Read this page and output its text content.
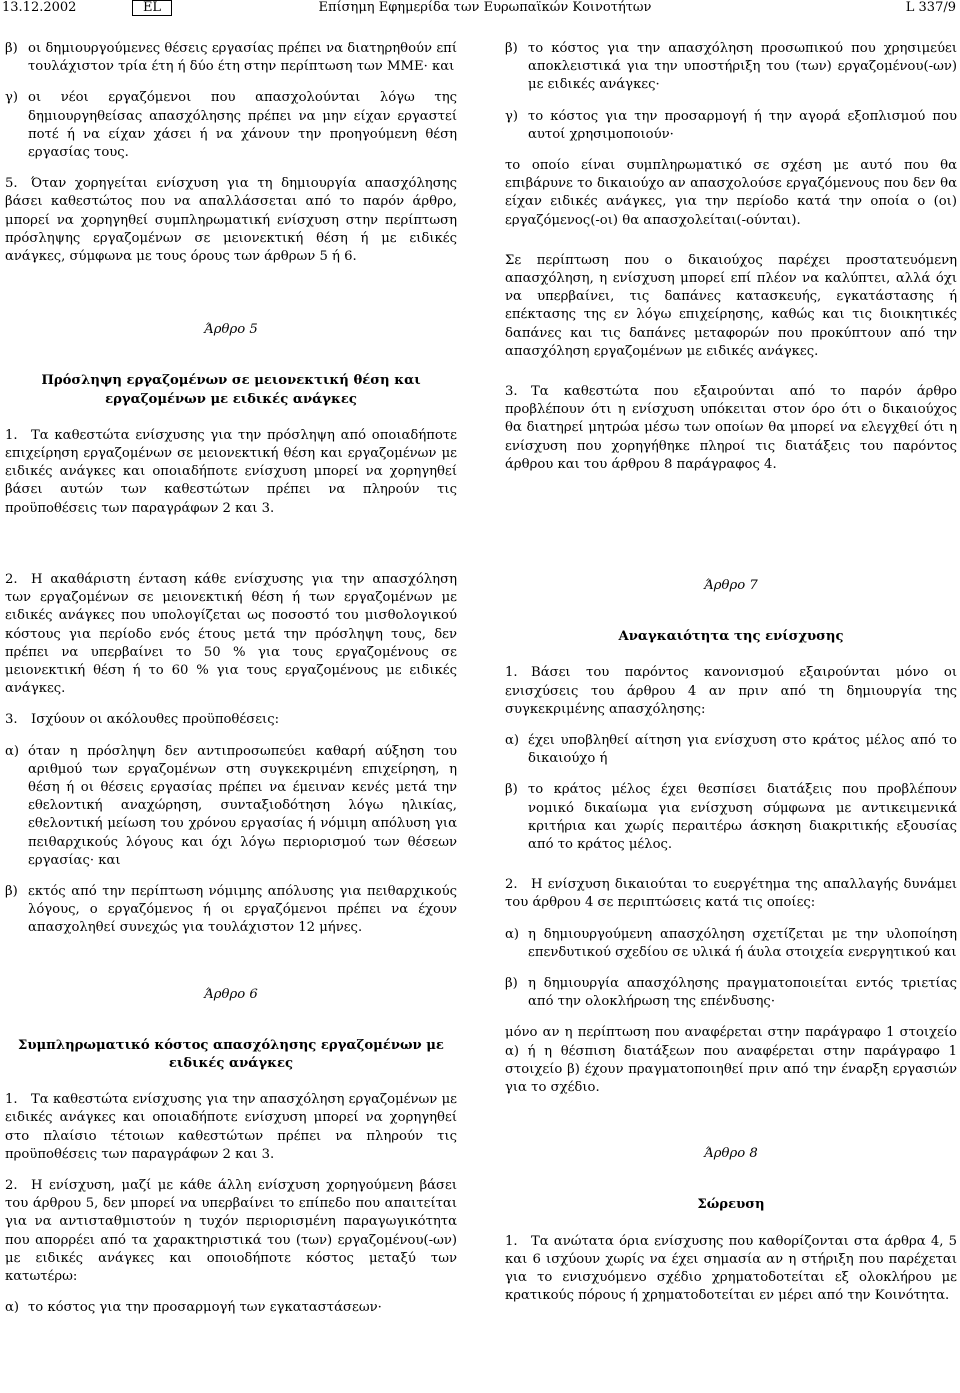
13.12.2002	EL	Επίσημη Εφημερίδα των Ευρωπαϊκών Κοινοτήτων	L 337/9
β) οι δημιουργούμενες θέσεις εργασίας πρέπει να διατηρηθούν επί τουλάχιστον τρία έτη ή δύο έτη στην περίπτωση των ΜΜΕ· και
γ) οι νέοι εργαζόμενοι που απασχολούνται λόγω της δημιουργηθείσας απασχόλησης πρέπει να μην είχαν εργαστεί ποτέ ή να είχαν χάσει ή να χάνουν την προηγούμενη θέση εργασίας τους.

5. Όταν χορηγείται ενίσχυση για τη δημιουργία απασχόλησης βάσει καθεστώτος που να απαλλάσσεται από το παρόν άρθρο, μπορεί να χορηγηθεί συμπληρωματική ενίσχυση στην περίπτωση πρόσληψης εργαζομένων σε μειονεκτική θέση ή με ειδικές ανάγκες, σύμφωνα με τους όρους των άρθρων 5 ή 6.

Άρθρο 5
Πρόσληψη εργαζομένων σε μειονεκτική θέση και εργαζομένων με ειδικές ανάγκες

1. Τα καθεστώτα ενίσχυσης για την πρόσληψη από οποιαδήποτε επιχείρηση εργαζομένων σε μειονεκτική θέση και εργαζομένων με ειδικές ανάγκες και οποιαδήποτε ενίσχυση μπορεί να χορηγηθεί βάσει αυτών των καθεστώτων πρέπει να πληρούν τις προϋποθέσεις των παραγράφων 2 και 3.

β) το κόστος για την απασχόληση προσωπικού που χρησιμεύει αποκλειστικά για την υποστήριξη του (των) εργαζομένου(-ων) με ειδικές ανάγκες·
γ) το κόστος για την προσαρμογή ή την αγορά εξοπλισμού που αυτοί χρησιμοποιούν·

το οποίο είναι συμπληρωματικό σε σχέση με αυτό που θα επιβάρυνε το δικαιούχο αν απασχολούσε εργαζόμενους που δεν θα είχαν ειδικές ανάγκες, για την περίοδο κατά την οποία ο (οι) εργαζόμενος(-οι) θα απασχολείται(-ούνται).

Σε περίπτωση που ο δικαιούχος παρέχει προστατευόμενη απασχόληση, η ενίσχυση μπορεί επί πλέον να καλύπτει, αλλά όχι να υπερβαίνει, τις δαπάνες κατασκευής, εγκατάστασης ή επέκτασης της εν λόγω επιχείρησης, καθώς και τις διοικητικές δαπάνες και τις δαπάνες μεταφορών που προκύπτουν από την απασχόληση εργαζομένων με ειδικές ανάγκες.

3. Τα καθεστώτα που εξαιρούνται από το παρόν άρθρο προβλέπουν ότι η ενίσχυση υπόκειται στον όρο ότι ο δικαιούχος θα διατηρεί μητρώα μέσω των οποίων θα μπορεί να ελεγχθεί ότι η ενίσχυση που χορηγήθηκε πληροί τις διατάξεις του παρόντος άρθρου και του άρθρου 8 παράγραφος 4.

2. Η ακαθάριστη ένταση κάθε ενίσχυσης για την απασχόληση των εργαζομένων σε μειονεκτική θέση ή των εργαζομένων με ειδικές ανάγκες που υπολογίζεται ως ποσοστό του μισθολογικού κόστους για περίοδο ενός έτους μετά την πρόσληψη τους, δεν πρέπει να υπερβαίνει το 50 % για τους εργαζομένους σε μειονεκτική θέση ή το 60 % για τους εργαζομένους με ειδικές ανάγκες.

3. Ισχύουν οι ακόλουθες προϋποθέσεις:

α) όταν η πρόσληψη δεν αντιπροσωπεύει καθαρή αύξηση του αριθμού των εργαζομένων στη συγκεκριμένη επιχείρηση, η θέση ή οι θέσεις εργασίας πρέπει να έμειναν κενές μετά την εθελοντική αναχώρηση, συνταξιοδότηση λόγω ηλικίας, εθελοντική μείωση του χρόνου εργασίας ή νόμιμη απόλυση για πειθαρχικούς λόγους και όχι λόγω περιορισμού των θέσεων εργασίας· και
β) εκτός από την περίπτωση νόμιμης απόλυσης για πειθαρχικούς λόγους, ο εργαζόμενος ή οι εργαζόμενοι πρέπει να έχουν απασχοληθεί συνεχώς για τουλάχιστον 12 μήνες.
Άρθρο 6
Συμπληρωματικό κόστος απασχόλησης εργαζομένων με ειδικές ανάγκες

1. Τα καθεστώτα ενίσχυσης για την απασχόληση εργαζομένων με ειδικές ανάγκες και οποιαδήποτε ενίσχυση μπορεί να χορηγηθεί στο πλαίσιο τέτοιων καθεστώτων πρέπει να πληρούν τις προϋποθέσεις των παραγράφων 2 και 3.

2. Η ενίσχυση, μαζί με κάθε άλλη ενίσχυση χορηγούμενη βάσει του άρθρου 5, δεν μπορεί να υπερβαίνει το επίπεδο που απαιτείται για να αντισταθμιστούν η τυχόν περιορισμένη παραγωγικότητα που απορρέει από τα χαρακτηριστικά του (των) εργαζομένου(-ων) με ειδικές ανάγκες και οποιοδήποτε κόστος μεταξύ των κατωτέρω:

α) το κόστος για την προσαρμογή των εγκαταστάσεων·
Άρθρο 7
Αναγκαιότητα της ενίσχυσης

1. Βάσει του παρόντος κανονισμού εξαιρούνται μόνο οι ενισχύσεις του άρθρου 4 αν πριν από τη δημιουργία της συγκεκριμένης απασχόλησης:

α) έχει υποβληθεί αίτηση για ενίσχυση στο κράτος μέλος από το δικαιούχο ή
β) το κράτος μέλος έχει θεσπίσει διατάξεις που προβλέπουν νομικό δικαίωμα για ενίσχυση σύμφωνα με αντικειμενικά κριτήρια και χωρίς περαιτέρω άσκηση διακριτικής εξουσίας από το κράτος μέλος.

2. Η ενίσχυση δικαιούται το ευεργέτημα της απαλλαγής δυνάμει του άρθρου 4 σε περιπτώσεις κατά τις οποίες:

α) η δημιουργούμενη απασχόληση σχετίζεται με την υλοποίηση επενδυτικού σχεδίου σε υλικά ή άυλα στοιχεία ενεργητικού και
β) η δημιουργία απασχόλησης πραγματοποιείται εντός τριετίας από την ολοκλήρωση της επένδυσης·

μόνο αν η περίπτωση που αναφέρεται στην παράγραφο 1 στοιχείο α) ή η θέσπιση διατάξεων που αναφέρεται στην παράγραφο 1 στοιχείο β) έχουν πραγματοποιηθεί πριν από την έναρξη εργασιών για το σχέδιο.

Άρθρο 8
Σώρευση

1. Τα ανώτατα όρια ενίσχυσης που καθορίζονται στα άρθρα 4, 5 και 6 ισχύουν χωρίς να έχει σημασία αν η στήριξη που παρέχεται για το ενισχυόμενο σχέδιο χρηματοδοτείται εξ ολοκλήρου με κρατικούς πόρους ή χρηματοδοτείται εν μέρει από την Κοινότητα.
